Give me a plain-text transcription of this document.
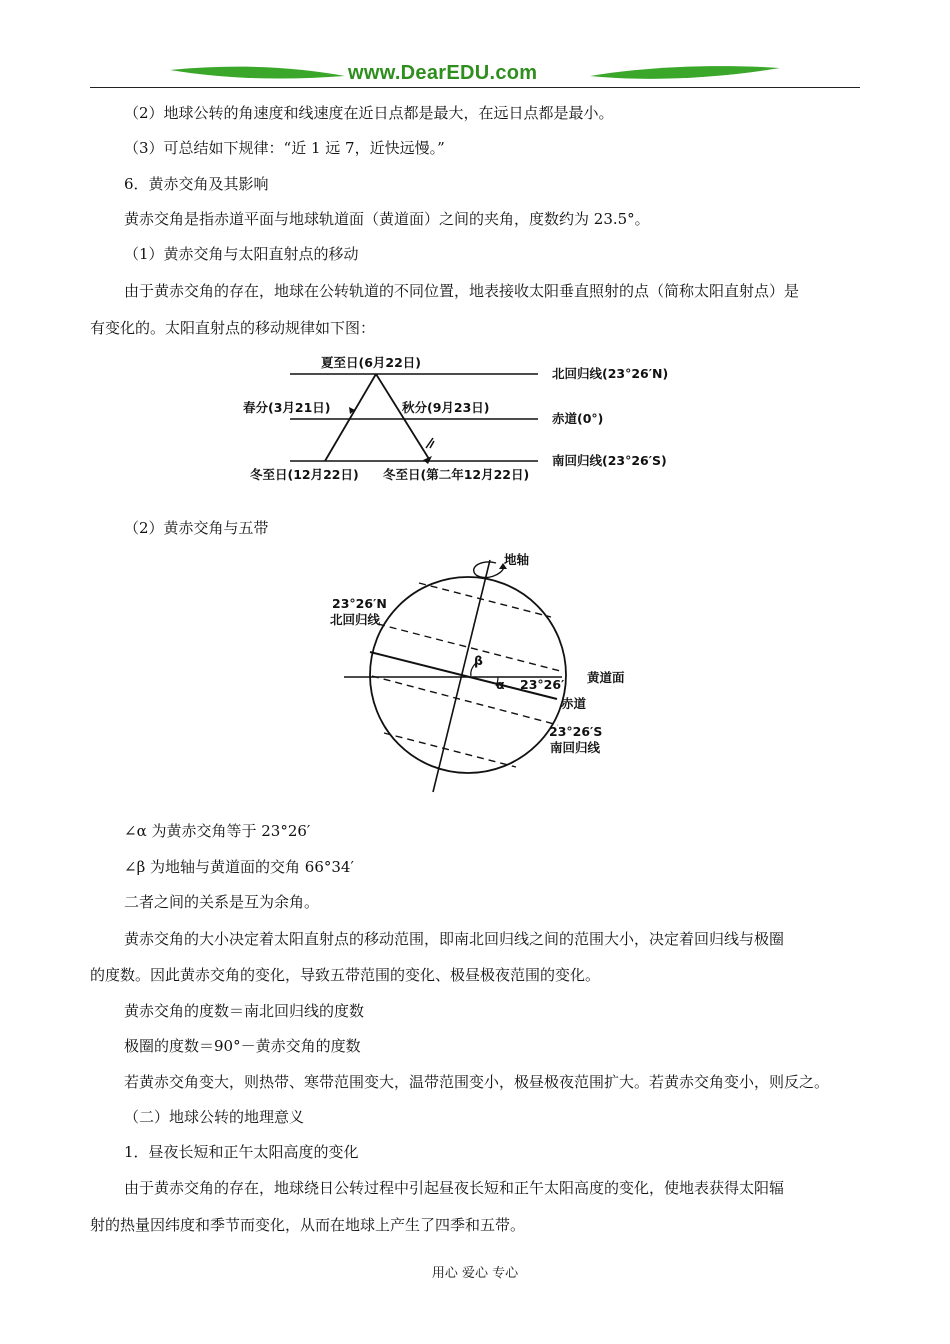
www.DearEDU.com
（2）地球公转的角速度和线速度在近日点都是最大，在远日点都是最小。
（3）可总结如下规律：“近 1 远 7，近快远慢。”
6．黄赤交角及其影响
黄赤交角是指赤道平面与地球轨道面（黄道面）之间的夹角，度数约为 23.5°。
（1）黄赤交角与太阳直射点的移动
由于黄赤交角的存在，地球在公转轨道的不同位置，地表接收太阳垂直照射的点（简称太阳直射点）是
有变化的。太阳直射点的移动规律如下图：
夏至日(6月22日)
春分(3月21日)	秋分(9月23日)
冬至日(12月22日) 冬至日(第二年12月22日)
北回归线(23°26′N)
赤道(0°)
南回归线(23°26′S)
（2）黄赤交角与五带
地轴
23°26′N
北回归线
β
α 23°26′ 黄道面
赤道
23°26′S
南回归线
∠α 为黄赤交角等于 23°26′
∠β 为地轴与黄道面的交角 66°34′
二者之间的关系是互为余角。
黄赤交角的大小决定着太阳直射点的移动范围，即南北回归线之间的范围大小，决定着回归线与极圈
的度数。因此黄赤交角的变化，导致五带范围的变化、极昼极夜范围的变化。
黄赤交角的度数＝南北回归线的度数
极圈的度数＝90°－黄赤交角的度数
若黄赤交角变大，则热带、寒带范围变大，温带范围变小，极昼极夜范围扩大。若黄赤交角变小，则反之。
（二）地球公转的地理意义
1．昼夜长短和正午太阳高度的变化
由于黄赤交角的存在，地球绕日公转过程中引起昼夜长短和正午太阳高度的变化，使地表获得太阳辐
射的热量因纬度和季节而变化，从而在地球上产生了四季和五带。
用心 爱心 专心
